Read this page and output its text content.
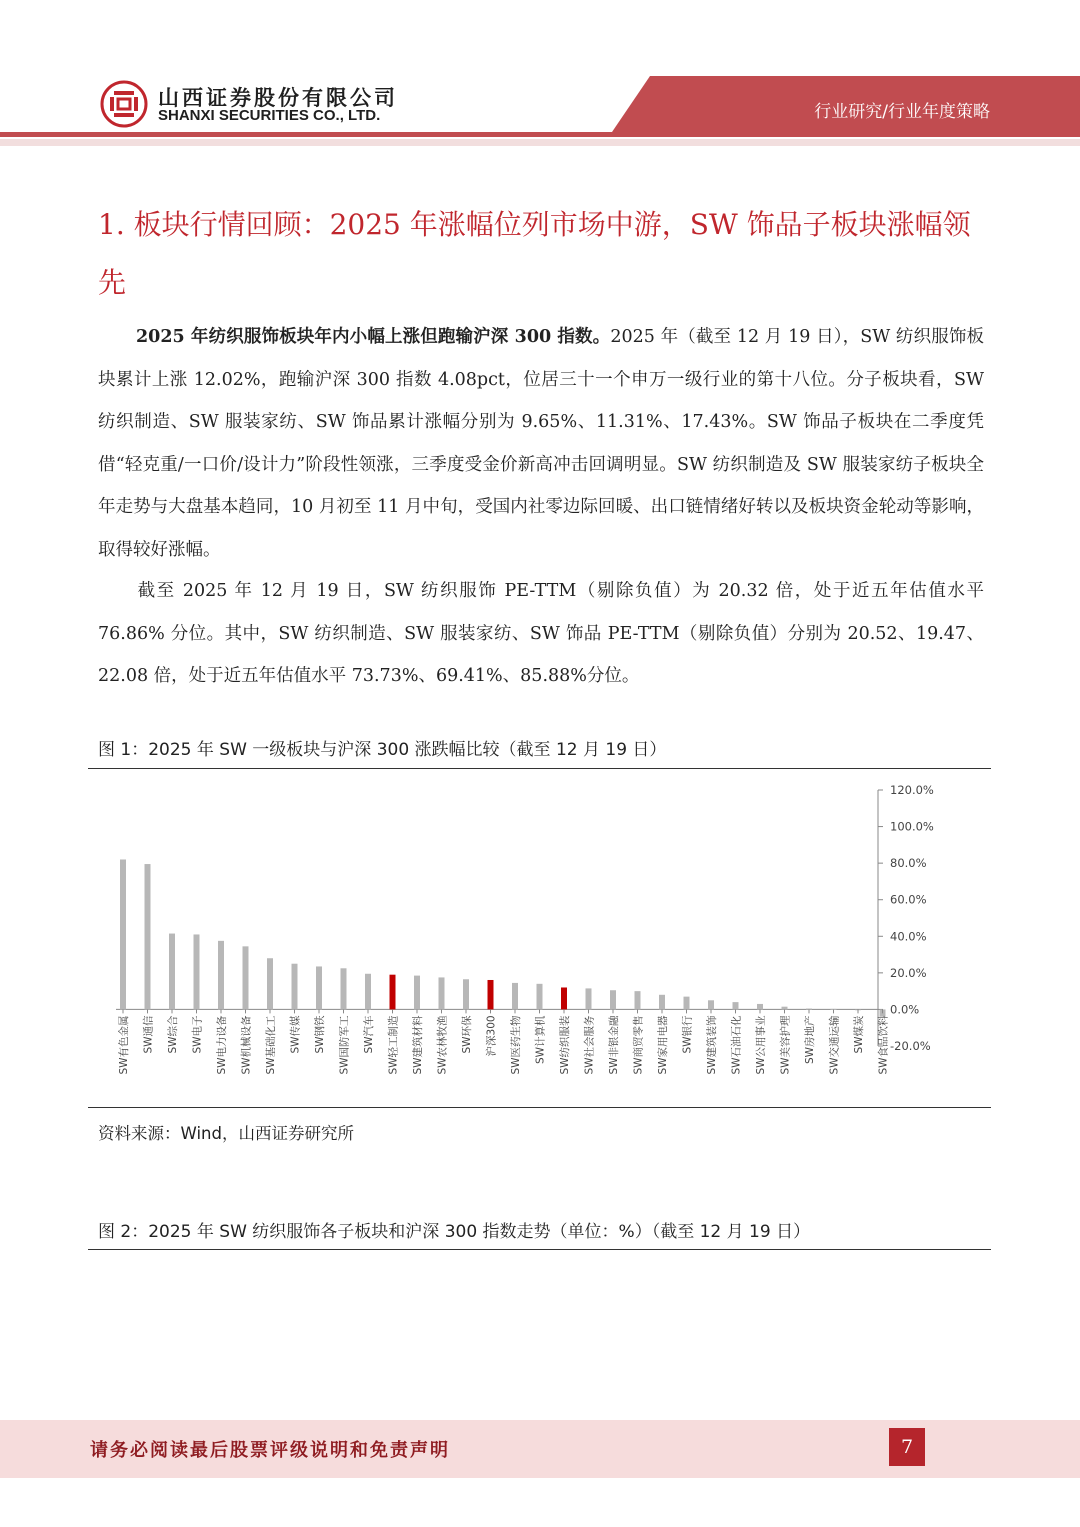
山西证券股份有限公司
SHANXI SECURITIES CO., LTD.	行业研究/行业年度策略
1. 板块行情回顾：2025 年涨幅位列市场中游，SW 饰品子板块涨幅领先

2025 年纺织服饰板块年内小幅上涨但跑输沪深 300 指数。2025 年（截至 12 月 19 日），SW 纺织服饰板块累计上涨 12.02%，跑输沪深 300 指数 4.08pct，位居三十一个申万一级行业的第十八位。分子板块看，SW 纺织制造、SW 服装家纺、SW 饰品累计涨幅分别为 9.65%、11.31%、17.43%。SW 饰品子板块在二季度凭借“轻克重/一口价/设计力”阶段性领涨，三季度受金价新高冲击回调明显。SW 纺织制造及 SW 服装家纺子板块全年走势与大盘基本趋同，10 月初至 11 月中旬，受国内社零边际回暖、出口链情绪好转以及板块资金轮动等影响，取得较好涨幅。

截至 2025 年 12 月 19 日，SW 纺织服饰 PE-TTM（剔除负值）为 20.32 倍，处于近五年估值水平 76.86% 分位。其中，SW 纺织制造、SW 服装家纺、SW 饰品 PE-TTM（剔除负值）分别为 20.52、19.47、22.08 倍，处于近五年估值水平 73.73%、69.41%、85.88%分位。

图 1：2025 年 SW 一级板块与沪深 300 涨跌幅比较（截至 12 月 19 日）
120.0%
100.0%
80.0%
60.0%
40.0%
20.0%
0.0%
-20.0%
SW有色金属 SW通信 SW综合 SW电子 SW电力设备 SW机械设备 SW基础化工 SW传媒 SW钢铁 SW国防军工 SW汽车 SW轻工制造 SW建筑材料 SW农林牧渔 SW环保 沪深300 SW医药生物 SW计算机 SW纺织服装 SW社会服务 SW非银金融 SW商贸零售 SW家用电器 SW银行 SW建筑装饰 SW石油石化 SW公用事业 SW美容护理 SW房地产 SW交通运输 SW煤炭 SW食品饮料
资料来源：Wind，山西证券研究所
图 2：2025 年 SW 纺织服饰各子板块和沪深 300 指数走势（单位：%）（截至 12 月 19 日）
请务必阅读最后股票评级说明和免责声明	7
